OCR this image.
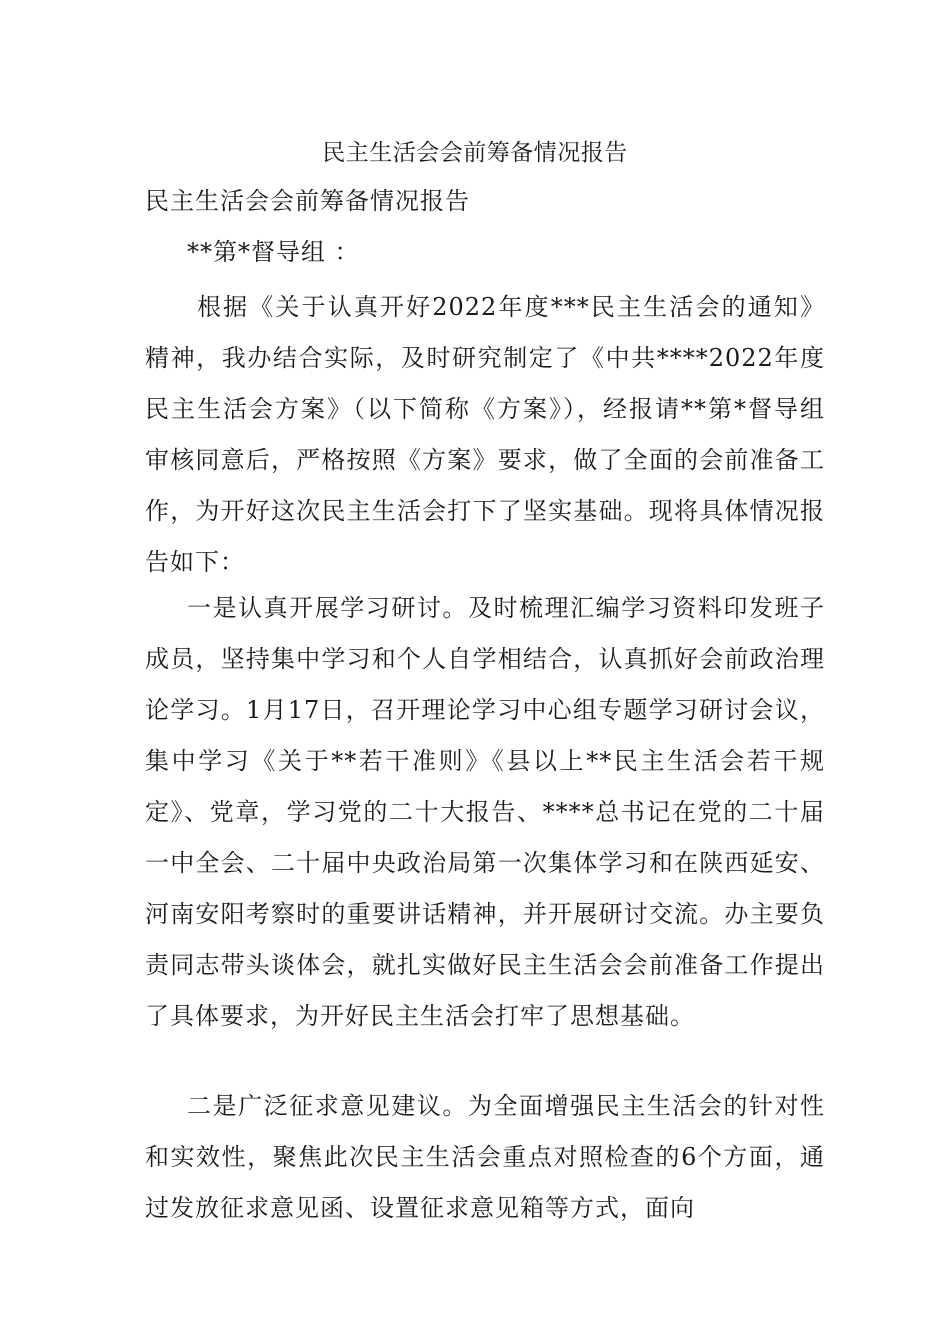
民主生活会会前筹备情况报告
民主生活会会前筹备情况报告
**第*督导组 ：
根据《关于认真开好2022年度***民主生活会的通知》精神，我办结合实际，及时研究制定了《中共****2022年度民主生活会方案》（以下简称《方案》），经报请**第*督导组 审核同意后，严格按照《方案》要求，做了全面的会前准备工作，为开好这次民主生活会打下了坚实基础。现将具体情况报告如下：
一是认真开展学习研讨。及时梳理汇编学习资料印发班子成员，坚持集中学习和个人自学相结合，认真抓好会前政治理论学习。1月17日，召开理论学习中心组专题学习研讨会议，集中学习《关于**若干准则》《县以上**民主生活会若干规定》、党章，学习党的二十大报告、****总书记在党的二十届一中全会、二十届中央政治局第一次集体学习和在陕西延安、河南安阳考察时的重要讲话精神，并开展研讨交流。办主要负责同志带头谈体会，就扎实做好民主生活会会前准备工作提出了具体要求，为开好民主生活会打牢了思想基础。
二是广泛征求意见建议。为全面增强民主生活会的针对性和实效性，聚焦此次民主生活会重点对照检查的6个方面，通过发放征求意见函、设置征求意见箱等方式，面向
